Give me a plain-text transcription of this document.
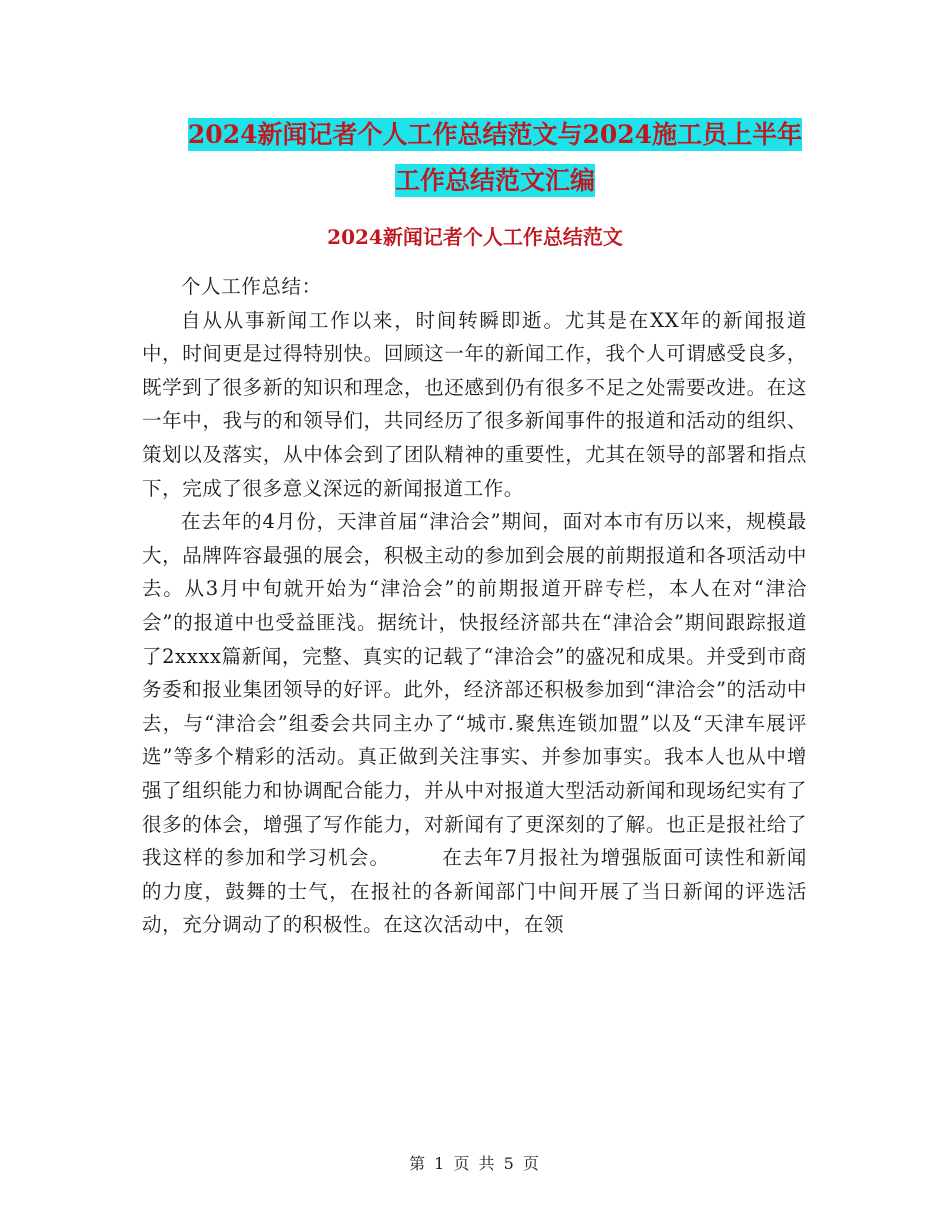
2024新闻记者个人工作总结范文与2024施工员上半年
工作总结范文汇编
2024新闻记者个人工作总结范文

个人工作总结：

自从从事新闻工作以来，时间转瞬即逝。尤其是在XX年的新闻报道中，时间更是过得特别快。回顾这一年的新闻工作，我个人可谓感受良多，既学到了很多新的知识和理念，也还感到仍有很多不足之处需要改进。在这一年中，我与的和领导们，共同经历了很多新闻事件的报道和活动的组织、策划以及落实，从中体会到了团队精神的重要性，尤其在领导的部署和指点下，完成了很多意义深远的新闻报道工作。

在去年的4月份，天津首届“津洽会”期间，面对本市有历以来，规模最大，品牌阵容最强的展会，积极主动的参加到会展的前期报道和各项活动中去。从3月中旬就开始为“津洽会”的前期报道开辟专栏，本人在对“津洽会”的报道中也受益匪浅。据统计，快报经济部共在“津洽会”期间跟踪报道了2xxxx篇新闻，完整、真实的记载了“津洽会”的盛况和成果。并受到市商务委和报业集团领导的好评。此外，经济部还积极参加到“津洽会”的活动中去，与“津洽会”组委会共同主办了“城市.聚焦连锁加盟”以及“天津车展评选”等多个精彩的活动。真正做到关注事实、并参加事实。我本人也从中增强了组织能力和协调配合能力，并从中对报道大型活动新闻和现场纪实有了很多的体会，增强了写作能力，对新闻有了更深刻的了解。也正是报社给了我这样的参加和学习机会。　　　在去年7月报社为增强版面可读性和新闻的力度，鼓舞的士气，在报社的各新闻部门中间开展了当日新闻的评选活动，充分调动了的积极性。在这次活动中，在领

第 1 页 共 5 页
